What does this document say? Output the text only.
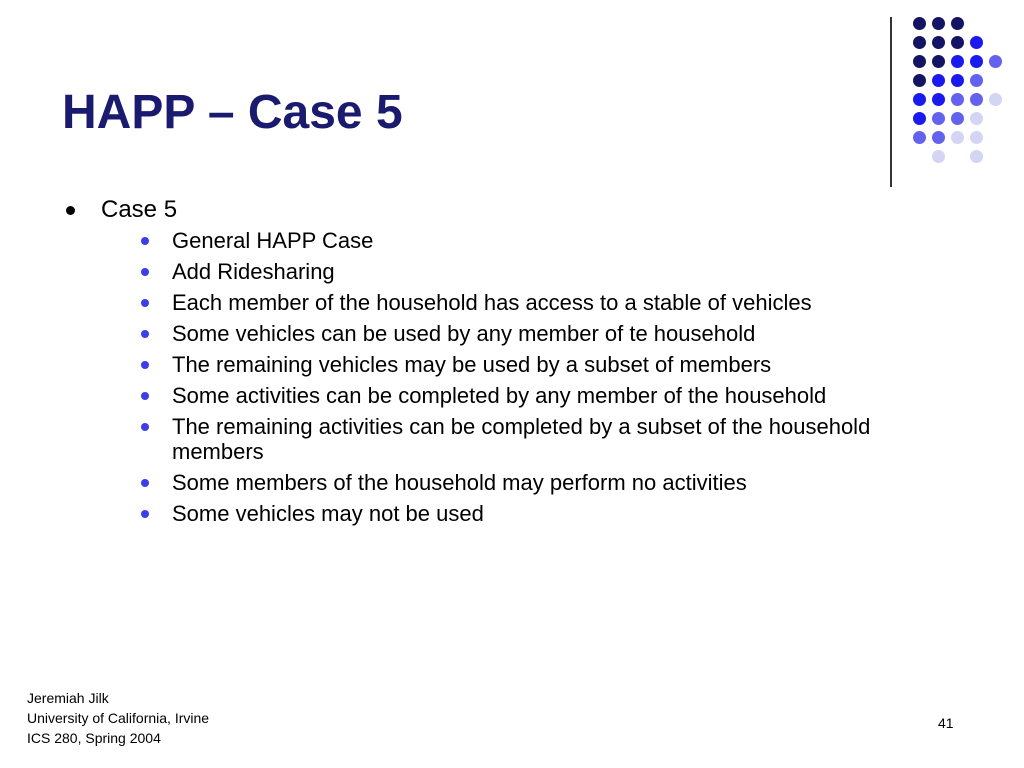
HAPP – Case 5
Case 5
General HAPP Case
Add Ridesharing
Each member of the household has access to a stable of vehicles
Some vehicles can be used by any member of te household
The remaining vehicles may be used by a subset of members
Some activities can be completed by any member of the household
The remaining activities can be completed by a subset of the household members
Some members of the household may perform no activities
Some vehicles may not be used
Jeremiah Jilk
University of California, Irvine
ICS 280, Spring 2004
41
